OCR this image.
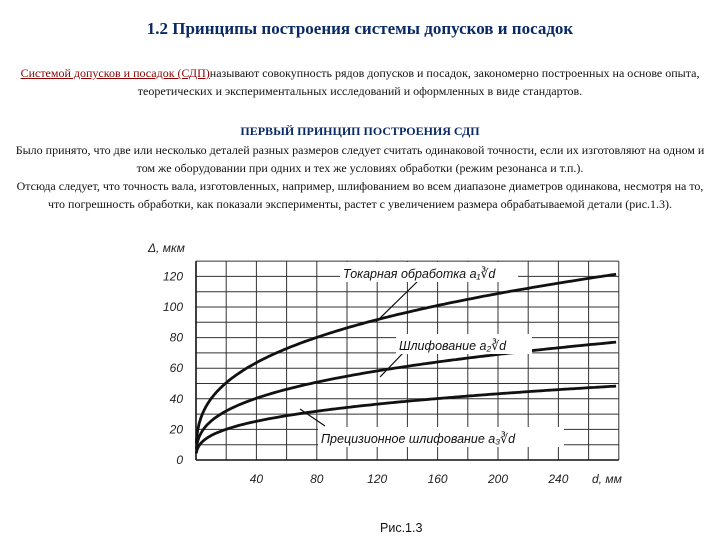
1.2 Принципы построения системы допусков и посадок
Системой допусков и посадок (СДП)называют совокупность рядов допусков и посадок, закономерно построенных на основе опыта, теоретических и экспериментальных исследований и оформленных в виде стандартов.
ПЕРВЫЙ ПРИНЦИП ПОСТРОЕНИЯ СДП

Было принято, что две или несколько деталей разных размеров следует считать одинаковой точности, если их изготовляют на одном и том же оборудовании при одних и тех же условиях обработки (режим резонанса и т.п.).

Отсюда следует, что точность вала, изготовленных, например, шлифованием во всем диапазоне диаметров одинакова, несмотря на то, что погрешность обработки, как показали эксперименты, растет с увеличением размера обрабатываемой детали (рис.1.3).

40	80	120	160	200	240
0
20
40
60
80
100
120
Δ, мкм
d, мм
Токарная обработка a₁∛d
Шлифование a₂∛d
Прецизионное шлифование a₃∛d
Рис.1.3
